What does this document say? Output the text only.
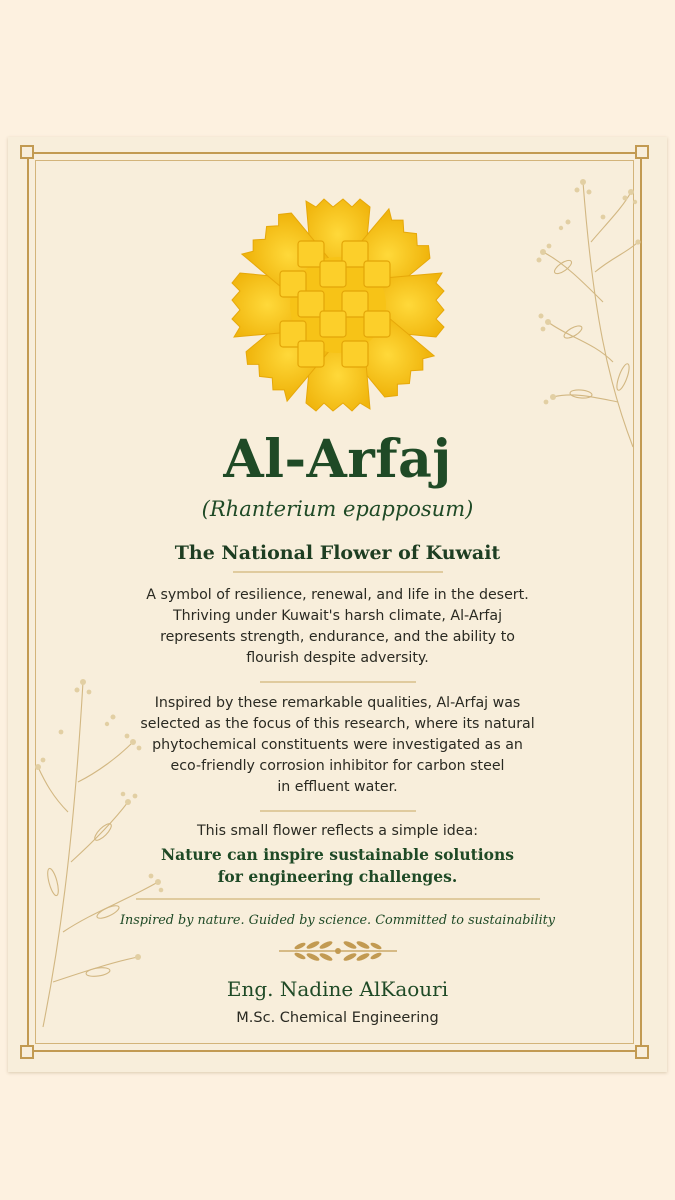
Al-Arfaj
(Rhanterium epapposum)
The National Flower of Kuwait
A symbol of resilience, renewal, and life in the desert.
Thriving under Kuwait's harsh climate, Al-Arfaj
represents strength, endurance, and the ability to
flourish despite adversity.
Inspired by these remarkable qualities, Al-Arfaj was
selected as the focus of this research, where its natural
phytochemical constituents were investigated as an
eco-friendly corrosion inhibitor for carbon steel
in effluent water.
This small flower reflects a simple idea:
Nature can inspire sustainable solutions
for engineering challenges.
Inspired by nature. Guided by science. Committed to sustainability
Eng. Nadine AlKaouri
M.Sc. Chemical Engineering
